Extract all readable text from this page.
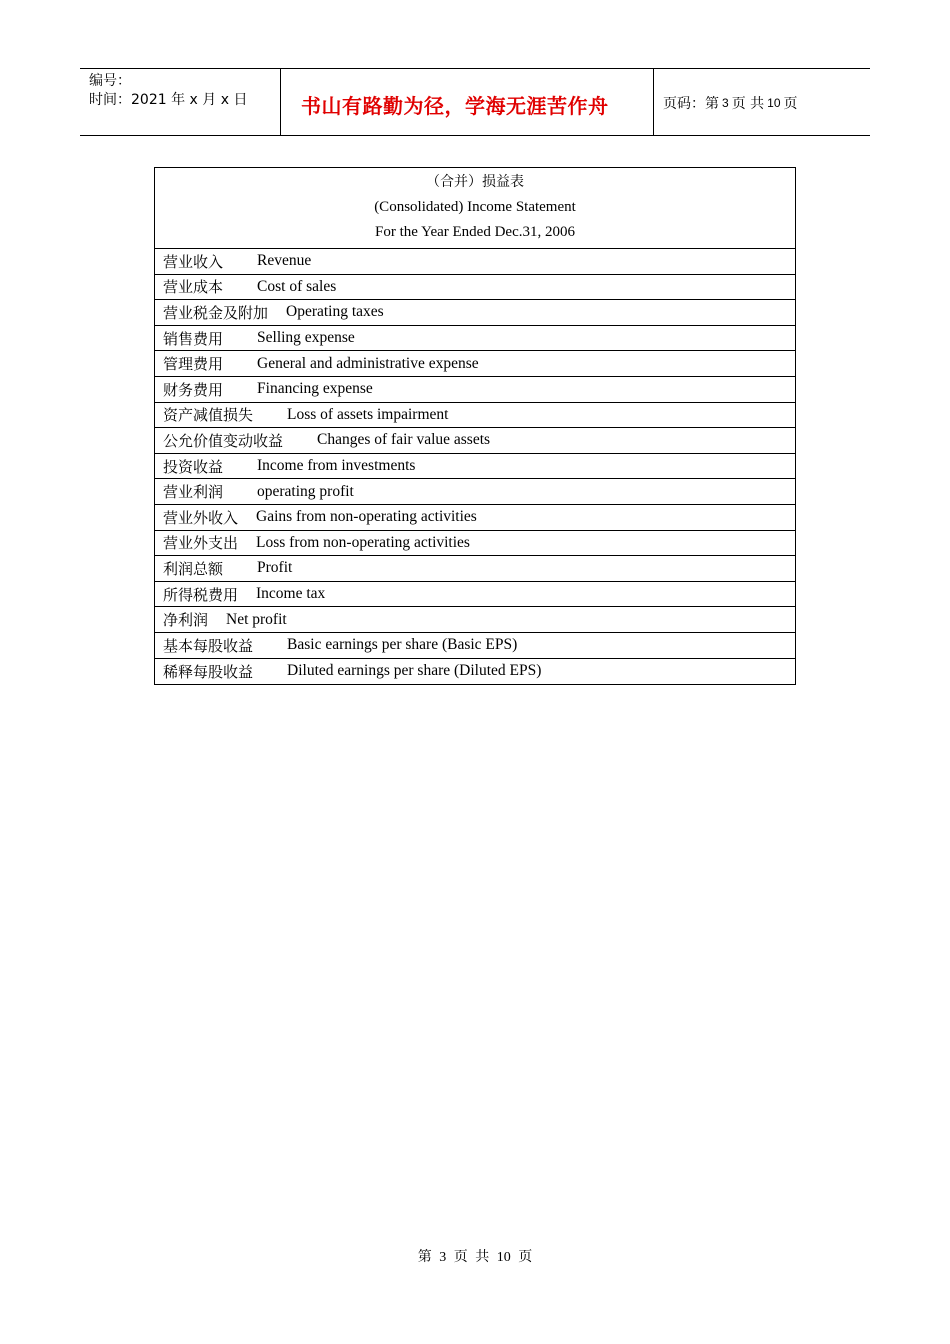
编号：
时间：2021 年 x 月 x 日	书山有路勤为径，学海无涯苦作舟	页码：第 3 页 共 10 页
（合并）损益表
(Consolidated) Income Statement
For the Year Ended Dec.31, 2006
营业收入 Revenue
营业成本 Cost of sales
营业税金及附加 Operating taxes
销售费用 Selling expense
管理费用 General and administrative expense
财务费用 Financing expense
资产减值损失 Loss of assets impairment
公允价值变动收益 Changes of fair value assets
投资收益 Income from investments
营业利润 operating profit
营业外收入 Gains from non-operating activities
营业外支出 Loss from non-operating activities
利润总额 Profit
所得税费用 Income tax
净利润 Net profit
基本每股收益 Basic earnings per share (Basic EPS)
稀释每股收益 Diluted earnings per share (Diluted EPS)
第 3 页 共 10 页
